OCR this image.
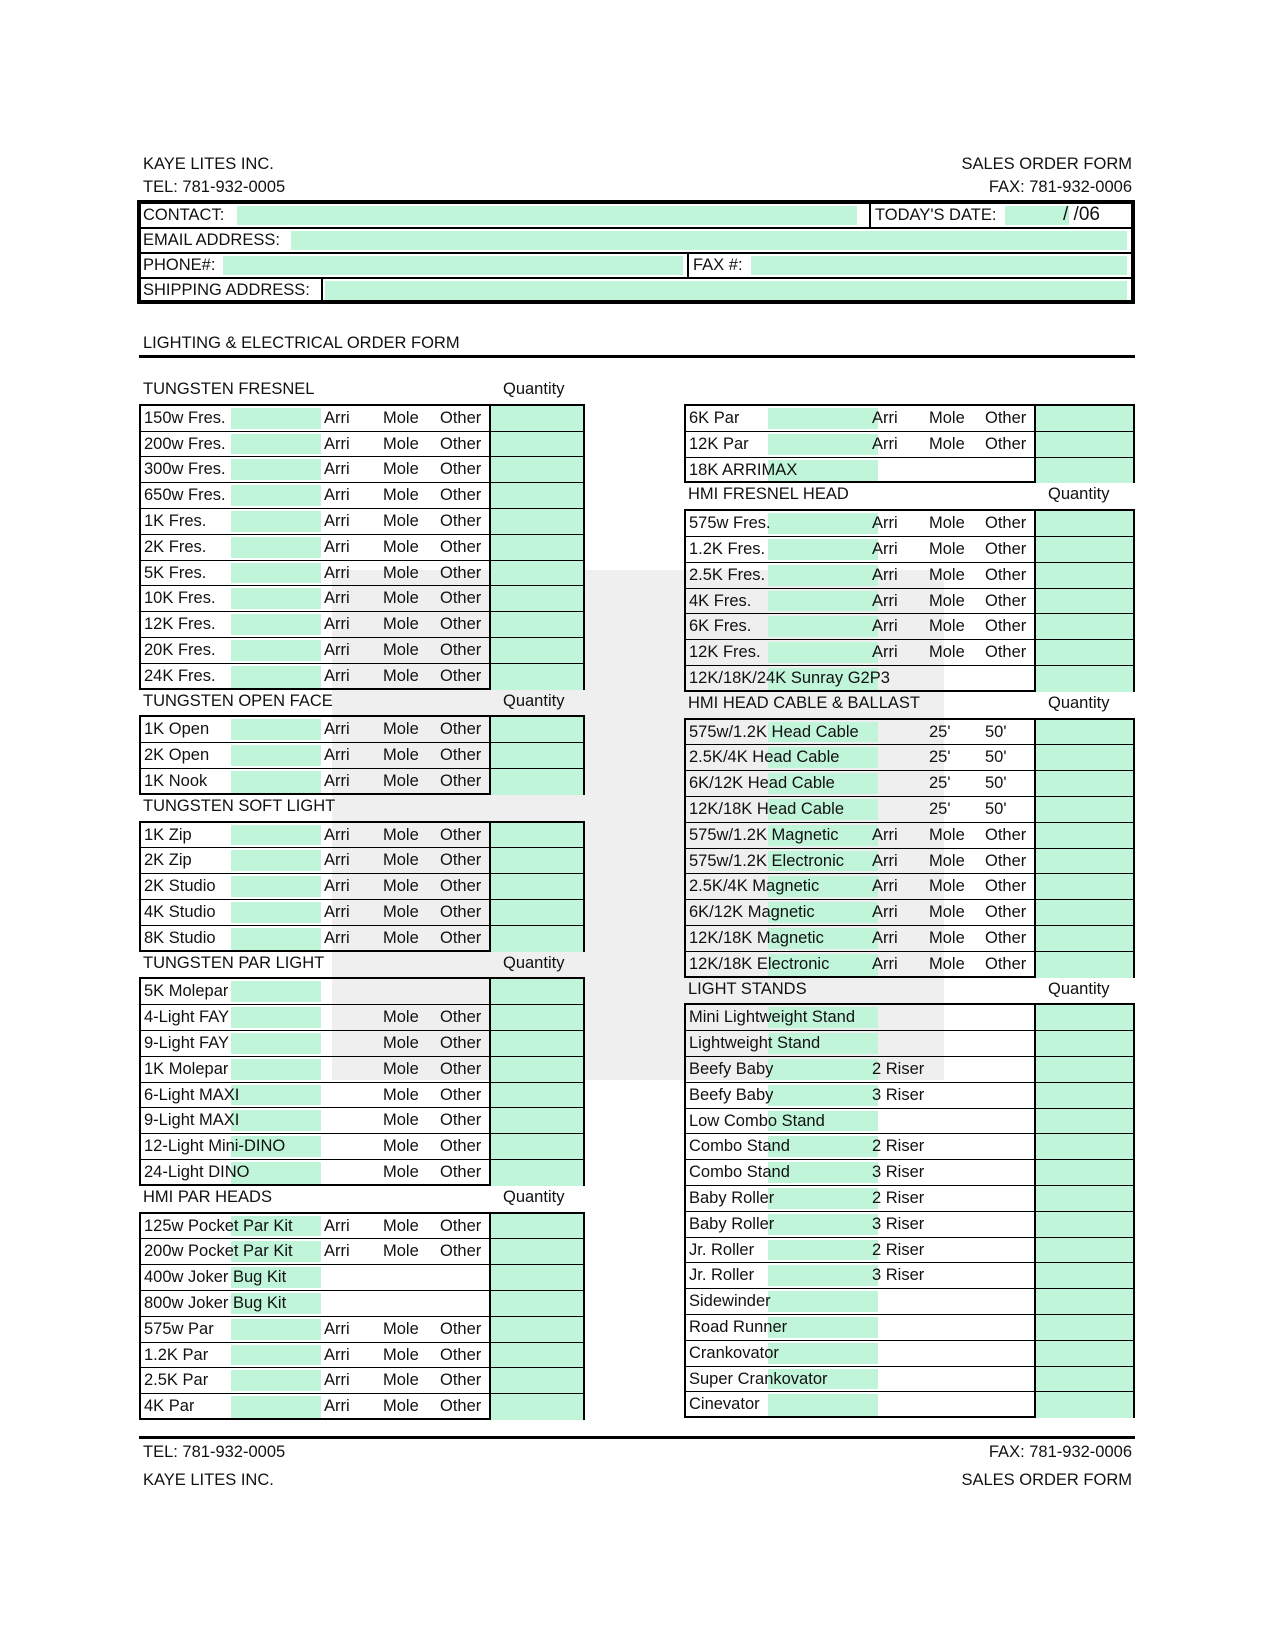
KAYE LITES INC.
TEL: 781-932-0005
SALES ORDER FORM
FAX: 781-932-0006
CONTACT:	TODAY'S DATE:	/ /06
EMAIL ADDRESS:
PHONE#:	FAX #:
SHIPPING ADDRESS:
LIGHTING & ELECTRICAL ORDER FORM
TUNGSTEN FRESNEL	Quantity
150w Fres.	Arri Mole Other
200w Fres.	Arri Mole Other
300w Fres.	Arri Mole Other
650w Fres.	Arri Mole Other
1K Fres.	Arri Mole Other
2K Fres.	Arri Mole Other
5K Fres.	Arri Mole Other
10K Fres.	Arri Mole Other
12K Fres.	Arri Mole Other
20K Fres.	Arri Mole Other
24K Fres.	Arri Mole Other
TUNGSTEN OPEN FACE	Quantity
1K Open	Arri Mole Other
2K Open	Arri Mole Other
1K Nook	Arri Mole Other
TUNGSTEN SOFT LIGHT
1K Zip	Arri Mole Other
2K Zip	Arri Mole Other
2K Studio	Arri Mole Other
4K Studio	Arri Mole Other
8K Studio	Arri Mole Other
TUNGSTEN PAR LIGHT	Quantity
5K Molepar
4-Light FAY	Mole Other
9-Light FAY	Mole Other
1K Molepar	Mole Other
6-Light MAXI	Mole Other
9-Light MAXI	Mole Other
12-Light Mini-DINO	Mole Other
24-Light DINO	Mole Other
HMI PAR HEADS	Quantity
125w Pocket Par Kit Arri Mole Other
200w Pocket Par Kit Arri Mole Other
400w Joker Bug Kit
800w Joker Bug Kit
575w Par	Arri Mole Other
1.2K Par	Arri Mole Other
2.5K Par	Arri Mole Other
4K Par	Arri Mole Other
6K Par	Arri Mole Other
12K Par	Arri Mole Other
18K ARRIMAX
HMI FRESNEL HEAD	Quantity
575w Fres.	Arri Mole Other
1.2K Fres.	Arri Mole Other
2.5K Fres.	Arri Mole Other
4K Fres.	Arri Mole Other
6K Fres.	Arri Mole Other
12K Fres.	Arri Mole Other
12K/18K/24K Sunray G2P3
HMI HEAD CABLE & BALLAST	Quantity
575w/1.2K Head Cable	25' 50'
2.5K/4K Head Cable	25' 50'
6K/12K Head Cable	25' 50'
12K/18K Head Cable	25' 50'
575w/1.2K Magnetic Arri Mole Other
575w/1.2K Electronic Arri Mole Other
2.5K/4K Magnetic	Arri Mole Other
6K/12K Magnetic	Arri Mole Other
12K/18K Magnetic	Arri Mole Other
12K/18K Electronic	Arri Mole Other
LIGHT STANDS	Quantity
Mini Lightweight Stand
Lightweight Stand
Beefy Baby	2 Riser
Beefy Baby	3 Riser
Low Combo Stand
Combo Stand	2 Riser
Combo Stand	3 Riser
Baby Roller	2 Riser
Baby Roller	3 Riser
Jr. Roller	2 Riser
Jr. Roller	3 Riser
Sidewinder
Road Runner
Crankovator
Super Crankovator
Cinevator
TEL: 781-932-0005	FAX: 781-932-0006
KAYE LITES INC.	SALES ORDER FORM
